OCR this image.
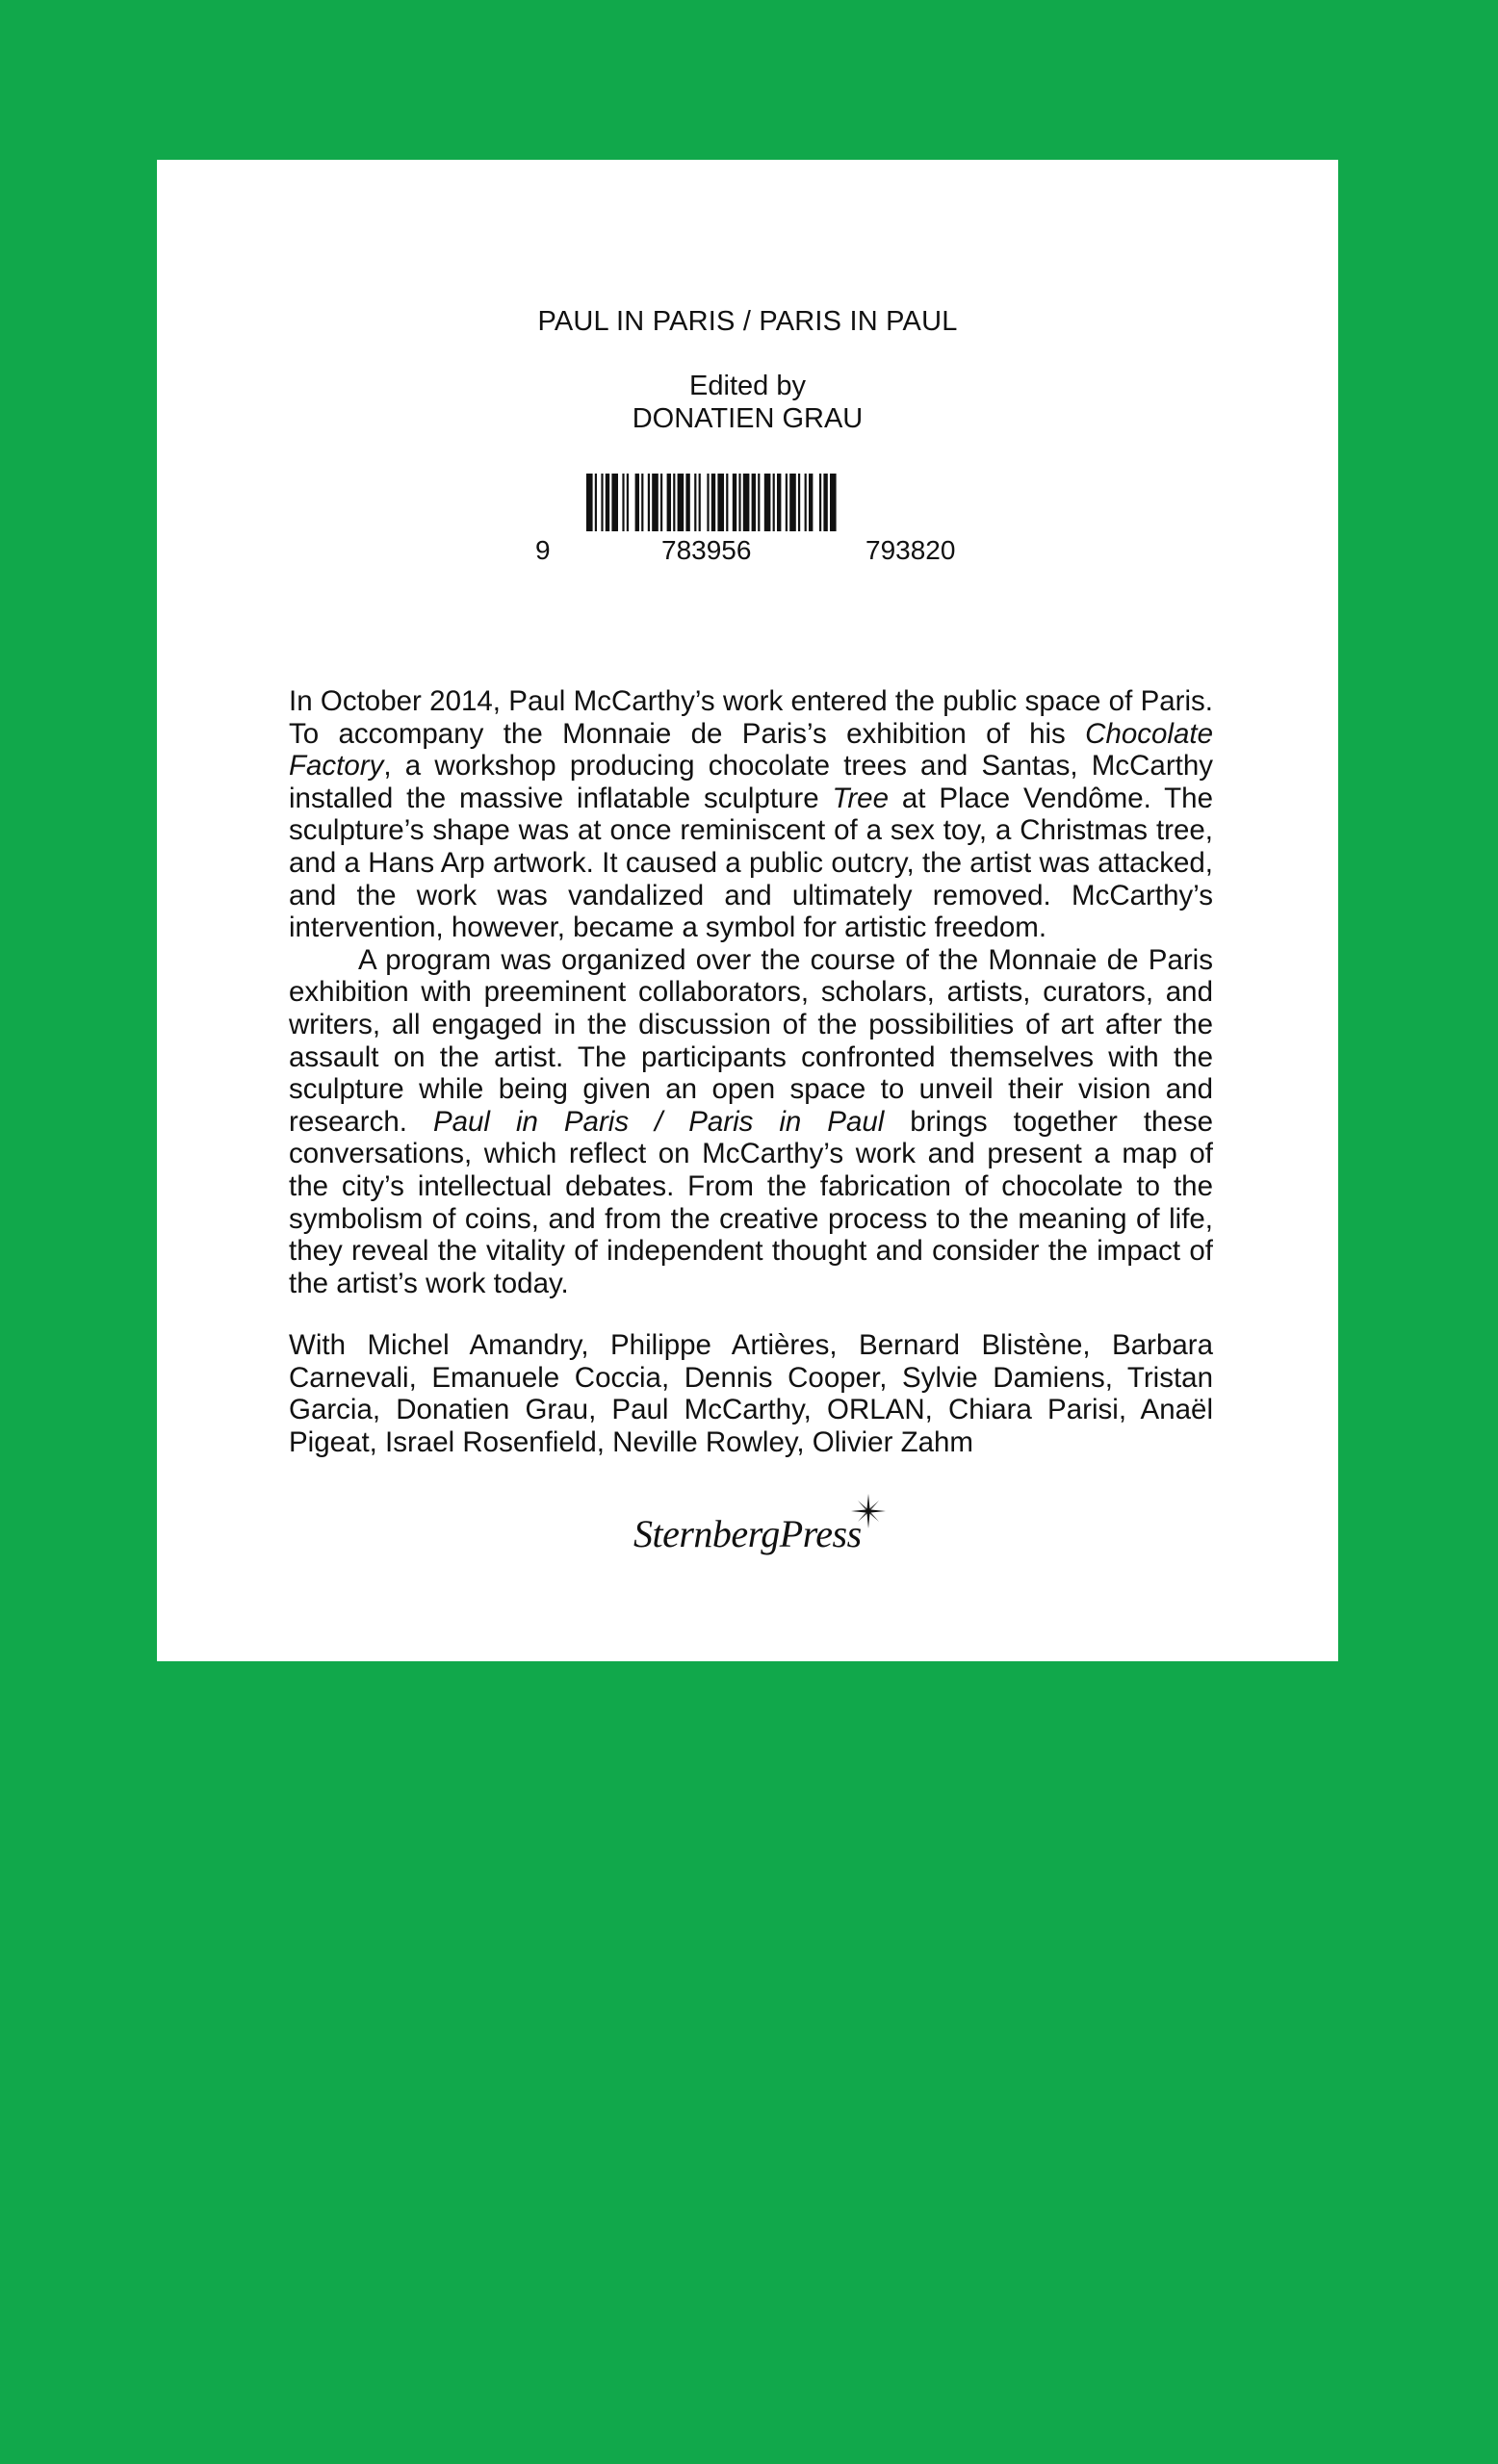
PAUL IN PARIS / PARIS IN PAUL
Edited by
DONATIEN GRAU
9	783956	793820

In October 2014, Paul McCarthy’s work entered the public space of Paris. To accompany the Monnaie de Paris’s exhibition of his Chocolate Factory, a workshop producing chocolate trees and Santas, McCarthy installed the massive inflatable sculpture Tree at Place Vendôme. The sculpture’s shape was at once reminiscent of a sex toy, a Christmas tree, and a Hans Arp artwork. It caused a public outcry, the artist was attacked, and the work was vandalized and ultimately removed. McCarthy’s intervention, however, became a symbol for artistic freedom.

A program was organized over the course of the Monnaie de Paris exhibition with preeminent collaborators, scholars, artists, curators, and writers, all engaged in the discussion of the possibilities of art after the assault on the artist. The participants confronted themselves with the sculpture while being given an open space to unveil their vision and research. Paul in Paris / Paris in Paul brings together these conversations, which reflect on McCarthy’s work and present a map of the city’s intellectual debates. From the fabrication of chocolate to the symbolism of coins, and from the creative process to the meaning of life, they reveal the vitality of independent thought and consider the impact of the artist’s work today.

With Michel Amandry, Philippe Artières, Bernard Blistène, Barbara Carnevali, Emanuele Coccia, Dennis Cooper, Sylvie Damiens, Tristan Garcia, Donatien Grau, Paul McCarthy, ORLAN, Chiara Parisi, Anaël Pigeat, Israel Rosenfield, Neville Rowley, Olivier Zahm
SternbergPress
